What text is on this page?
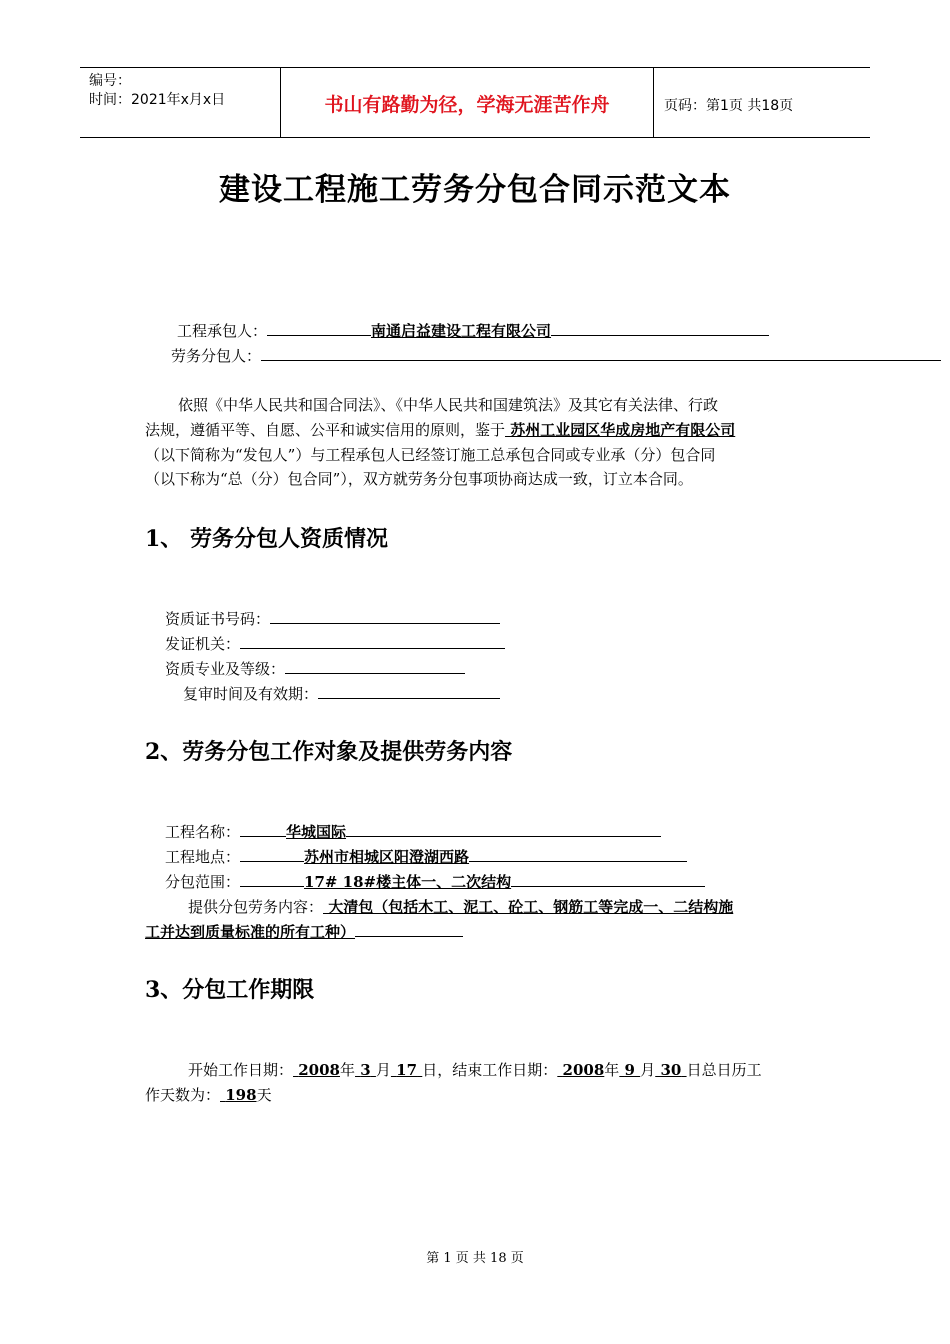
编号：
时间：2021年x月x日	书山有路勤为径，学海无涯苦作舟	页码：第1页 共18页
建设工程施工劳务分包合同示范文本
工程承包人：	南通启益建设工程有限公司
劳务分包人：
依照《中华人民共和国合同法》、《中华人民共和国建筑法》及其它有关法律、行政
法规，遵循平等、自愿、公平和诚实信用的原则，鉴于 苏州工业园区华成房地产有限公司
（以下简称为“发包人”）与工程承包人已经签订施工总承包合同或专业承（分）包合同
（以下称为“总（分）包合同”），双方就劳务分包事项协商达成一致，订立本合同。
1、 劳务分包人资质情况
资质证书号码：
发证机关：
资质专业及等级：
复审时间及有效期：
2、劳务分包工作对象及提供劳务内容
工程名称：	华城国际
工程地点：	苏州市相城区阳澄湖西路
分包范围：	17# 18#楼主体一、二次结构
提供分包劳务内容： 大清包（包括木工、泥工、砼工、钢筋工等完成一、二结构施
工并达到质量标准的所有工种）
3、分包工作期限
开始工作日期： 2008年 3 月 17 日，结束工作日期： 2008年 9 月 30 日总日历工
作天数为： 198天
第 1 页 共 18 页
